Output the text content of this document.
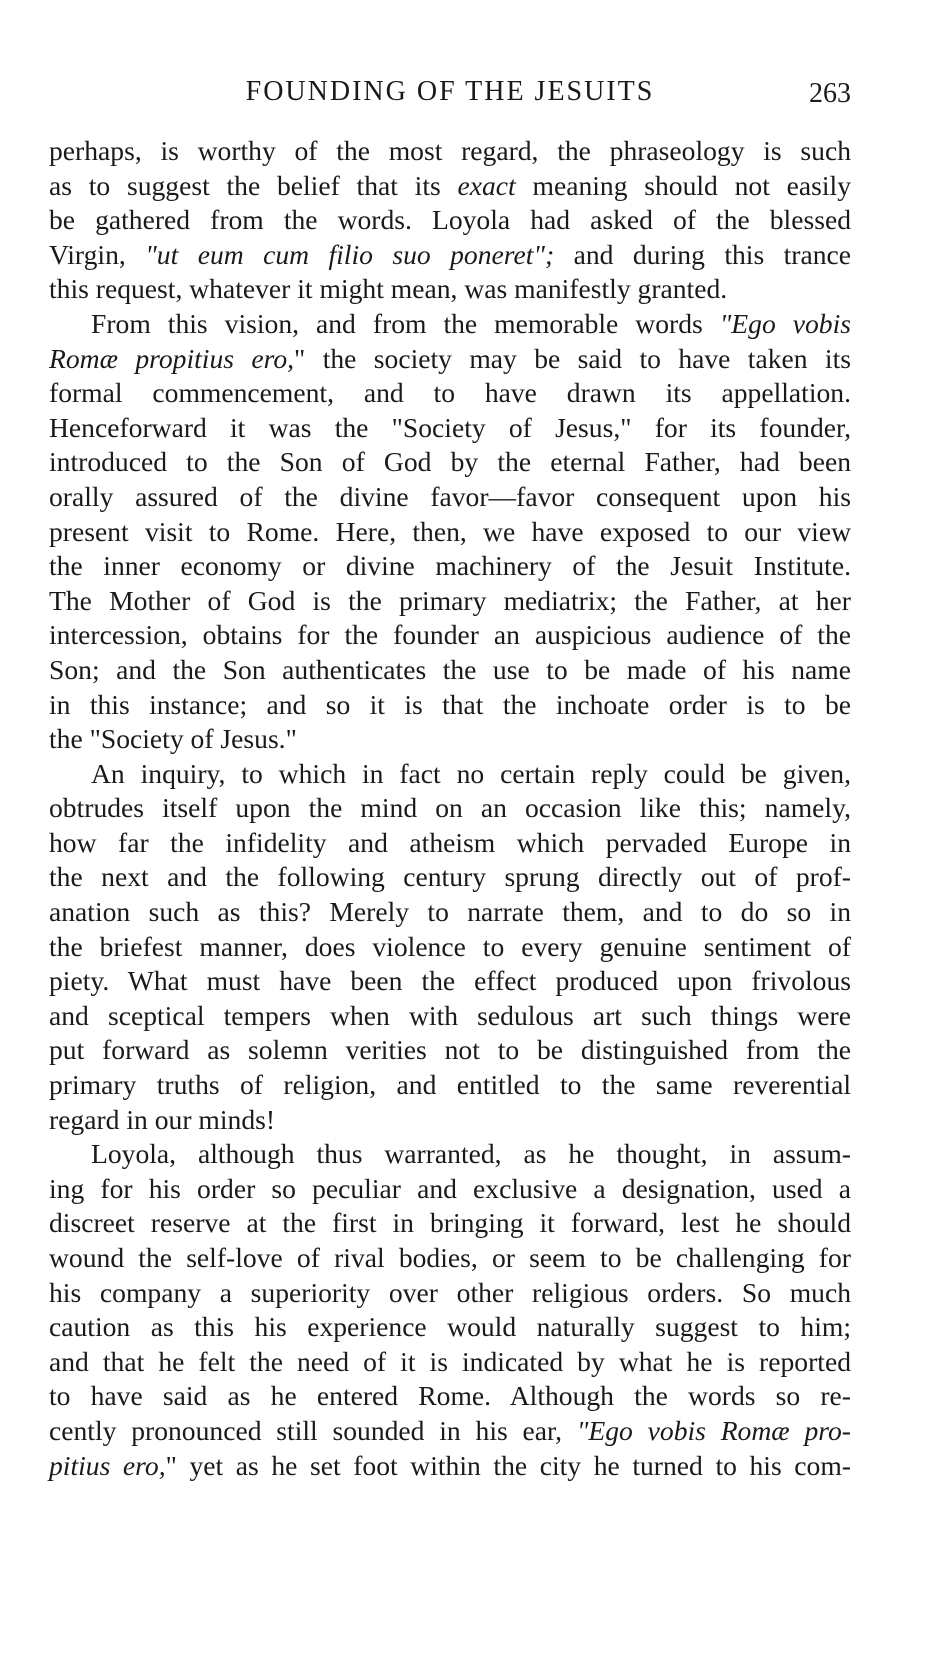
FOUNDING OF THE JESUITS	263
perhaps, is worthy of the most regard, the phraseology is such
as to suggest the belief that its exact meaning should not easily
be gathered from the words. Loyola had asked of the blessed
Virgin, "ut eum cum filio suo poneret"; and during this trance
this request, whatever it might mean, was manifestly granted.
From this vision, and from the memorable words "Ego vobis
Romæ propitius ero," the society may be said to have taken its
formal commencement, and to have drawn its appellation.
Henceforward it was the "Society of Jesus," for its founder,
introduced to the Son of God by the eternal Father, had been
orally assured of the divine favor—favor consequent upon his
present visit to Rome. Here, then, we have exposed to our view
the inner economy or divine machinery of the Jesuit Institute.
The Mother of God is the primary mediatrix; the Father, at her
intercession, obtains for the founder an auspicious audience of the
Son; and the Son authenticates the use to be made of his name
in this instance; and so it is that the inchoate order is to be
the "Society of Jesus."
An inquiry, to which in fact no certain reply could be given,
obtrudes itself upon the mind on an occasion like this; namely,
how far the infidelity and atheism which pervaded Europe in
the next and the following century sprung directly out of prof-
anation such as this? Merely to narrate them, and to do so in
the briefest manner, does violence to every genuine sentiment of
piety. What must have been the effect produced upon frivolous
and sceptical tempers when with sedulous art such things were
put forward as solemn verities not to be distinguished from the
primary truths of religion, and entitled to the same reverential
regard in our minds!
Loyola, although thus warranted, as he thought, in assum-
ing for his order so peculiar and exclusive a designation, used a
discreet reserve at the first in bringing it forward, lest he should
wound the self-love of rival bodies, or seem to be challenging for
his company a superiority over other religious orders. So much
caution as this his experience would naturally suggest to him;
and that he felt the need of it is indicated by what he is reported
to have said as he entered Rome. Although the words so re-
cently pronounced still sounded in his ear, "Ego vobis Romæ pro-
pitius ero," yet as he set foot within the city he turned to his com-
